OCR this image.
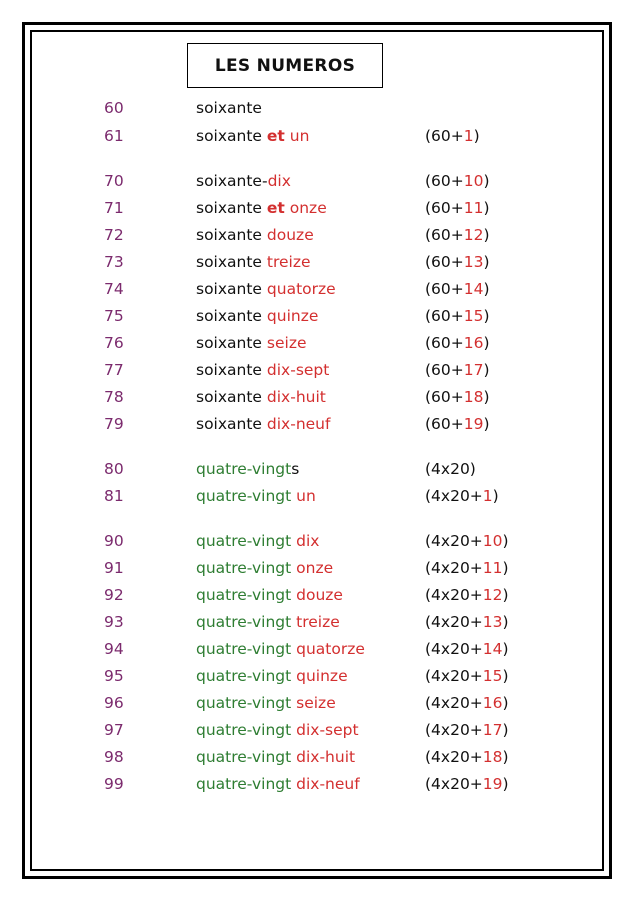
LES NUMEROS
60	soixante
61	soixante et un	(60+1)
70	soixante-dix	(60+10)
71	soixante et onze	(60+11)
72	soixante douze	(60+12)
73	soixante treize	(60+13)
74	soixante quatorze	(60+14)
75	soixante quinze	(60+15)
76	soixante seize	(60+16)
77	soixante dix-sept	(60+17)
78	soixante dix-huit	(60+18)
79	soixante dix-neuf	(60+19)
80	quatre-vingts	(4x20)
81	quatre-vingt un	(4x20+1)
90	quatre-vingt dix	(4x20+10)
91	quatre-vingt onze	(4x20+11)
92	quatre-vingt douze	(4x20+12)
93	quatre-vingt treize	(4x20+13)
94	quatre-vingt quatorze	(4x20+14)
95	quatre-vingt quinze	(4x20+15)
96	quatre-vingt seize	(4x20+16)
97	quatre-vingt dix-sept	(4x20+17)
98	quatre-vingt dix-huit	(4x20+18)
99	quatre-vingt dix-neuf	(4x20+19)
